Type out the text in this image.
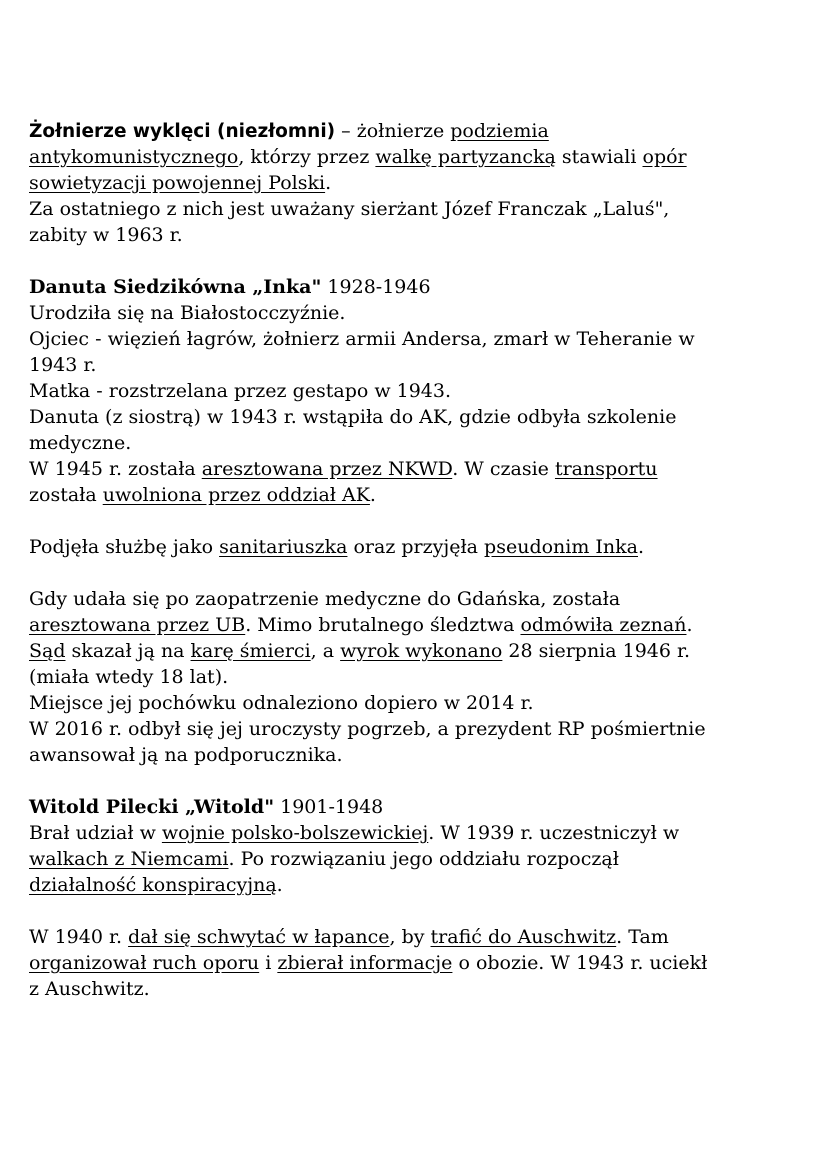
Żołnierze wyklęci (niezłomni) – żołnierze podziemia
antykomunistycznego, którzy przez walkę partyzancką stawiali opór
sowietyzacji powojennej Polski.
Za ostatniego z nich jest uważany sierżant Józef Franczak „Laluś",
zabity w 1963 r.
Danuta Siedzikówna „Inka" 1928-1946
Urodziła się na Białostocczyźnie.
Ojciec - więzień łagrów, żołnierz armii Andersa, zmarł w Teheranie w
1943 r.
Matka - rozstrzelana przez gestapo w 1943.
Danuta (z siostrą) w 1943 r. wstąpiła do AK, gdzie odbyła szkolenie
medyczne.
W 1945 r. została aresztowana przez NKWD. W czasie transportu
została uwolniona przez oddział AK.
Podjęła służbę jako sanitariuszka oraz przyjęła pseudonim Inka.
Gdy udała się po zaopatrzenie medyczne do Gdańska, została
aresztowana przez UB. Mimo brutalnego śledztwa odmówiła zeznań.
Sąd skazał ją na karę śmierci, a wyrok wykonano 28 sierpnia 1946 r.
(miała wtedy 18 lat).
Miejsce jej pochówku odnaleziono dopiero w 2014 r.
W 2016 r. odbył się jej uroczysty pogrzeb, a prezydent RP pośmiertnie
awansował ją na podporucznika.
Witold Pilecki „Witold" 1901-1948
Brał udział w wojnie polsko-bolszewickiej. W 1939 r. uczestniczył w
walkach z Niemcami. Po rozwiązaniu jego oddziału rozpoczął
działalność konspiracyjną.
W 1940 r. dał się schwytać w łapance, by trafić do Auschwitz. Tam
organizował ruch oporu i zbierał informacje o obozie. W 1943 r. uciekł
z Auschwitz.
